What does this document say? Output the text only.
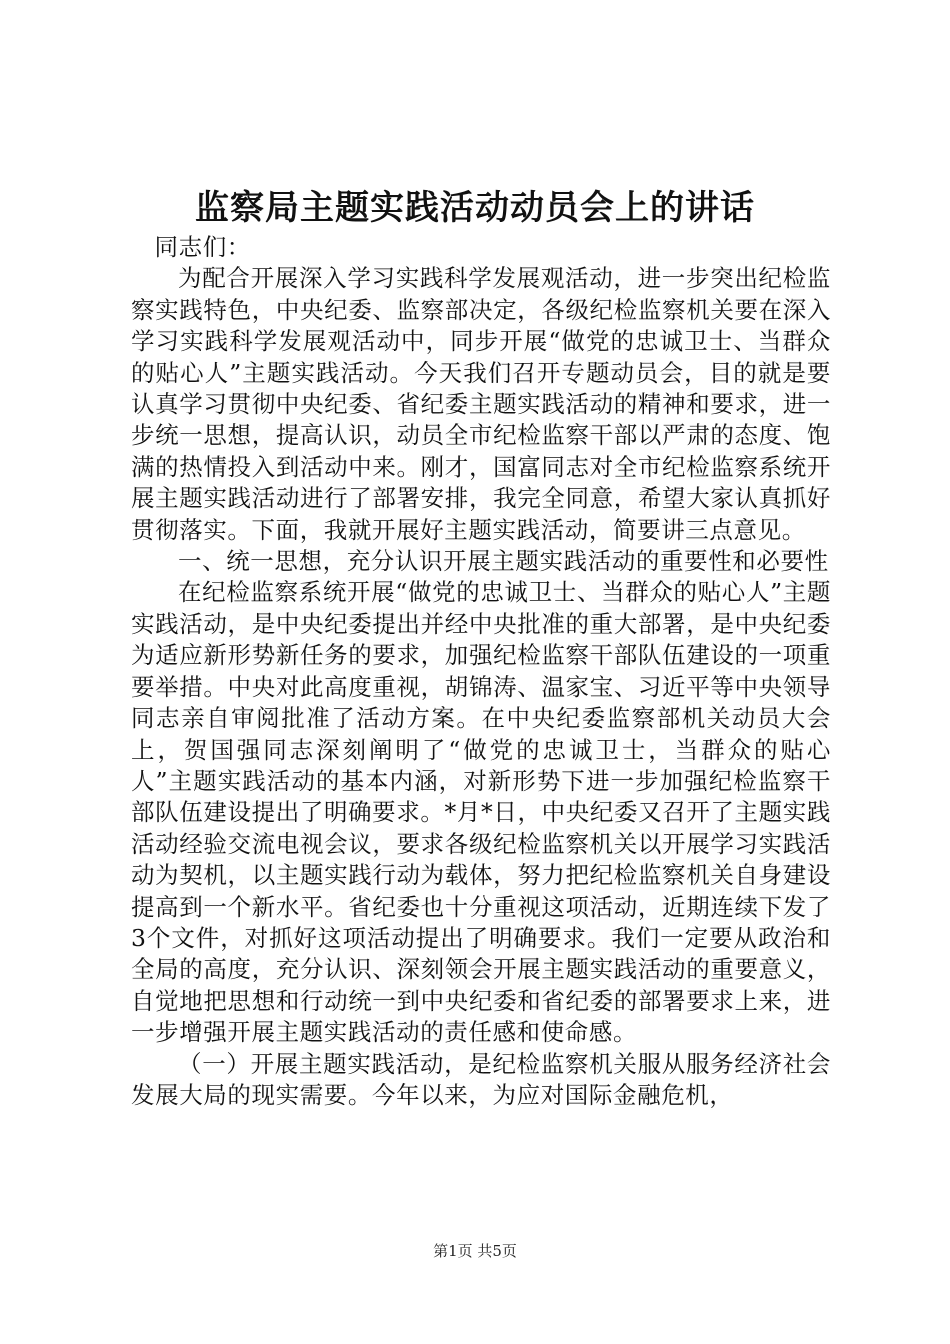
监察局主题实践活动动员会上的讲话

同志们：

为配合开展深入学习实践科学发展观活动，进一步突出纪检监察实践特色，中央纪委、监察部决定，各级纪检监察机关要在深入学习实践科学发展观活动中，同步开展“做党的忠诚卫士、当群众的贴心人”主题实践活动。今天我们召开专题动员会，目的就是要认真学习贯彻中央纪委、省纪委主题实践活动的精神和要求，进一步统一思想，提高认识，动员全市纪检监察干部以严肃的态度、饱满的热情投入到活动中来。刚才，国富同志对全市纪检监察系统开展主题实践活动进行了部署安排，我完全同意，希望大家认真抓好贯彻落实。下面，我就开展好主题实践活动，简要讲三点意见。

一、统一思想，充分认识开展主题实践活动的重要性和必要性

在纪检监察系统开展“做党的忠诚卫士、当群众的贴心人”主题实践活动，是中央纪委提出并经中央批准的重大部署，是中央纪委为适应新形势新任务的要求，加强纪检监察干部队伍建设的一项重要举措。中央对此高度重视，胡锦涛、温家宝、习近平等中央领导同志亲自审阅批准了活动方案。在中央纪委监察部机关动员大会上，贺国强同志深刻阐明了“做党的忠诚卫士，当群众的贴心人”主题实践活动的基本内涵，对新形势下进一步加强纪检监察干部队伍建设提出了明确要求。*月*日，中央纪委又召开了主题实践活动经验交流电视会议，要求各级纪检监察机关以开展学习实践活动为契机，以主题实践行动为载体，努力把纪检监察机关自身建设提高到一个新水平。省纪委也十分重视这项活动，近期连续下发了3个文件，对抓好这项活动提出了明确要求。我们一定要从政治和全局的高度，充分认识、深刻领会开展主题实践活动的重要意义，自觉地把思想和行动统一到中央纪委和省纪委的部署要求上来，进一步增强开展主题实践活动的责任感和使命感。

（一）开展主题实践活动，是纪检监察机关服从服务经济社会发展大局的现实需要。今年以来，为应对国际金融危机，

第1页 共5页
